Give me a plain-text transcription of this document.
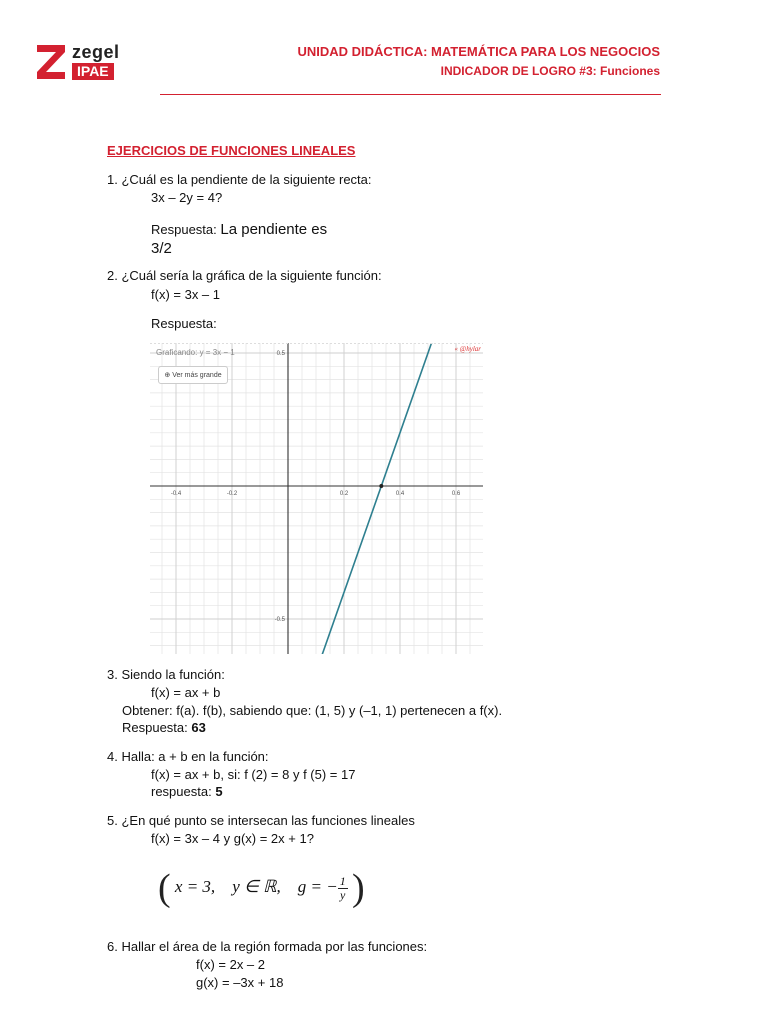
zegel
IPAE
UNIDAD DIDÁCTICA: MATEMÁTICA PARA LOS NEGOCIOS
INDICADOR DE LOGRO #3: Funciones
EJERCICIOS DE FUNCIONES LINEALES
1. ¿Cuál es la pendiente de la siguiente recta:
3x – 2y = 4?
Respuesta: La pendiente es
3/2
2. ¿Cuál sería la gráfica de la siguiente función:
f(x) = 3x – 1
Respuesta:
-0.4	-0.2	0.2	0.4	0.6
0.5
-0.5
Graficando: y = 3x − 1	« @hylar
⊕ Ver más grande
3. Siendo la función:
f(x) = ax + b
Obtener: f(a). f(b), sabiendo que: (1, 5) y (–1, 1) pertenecen a f(x).
Respuesta: 63
4. Halla: a + b en la función:
f(x) = ax + b, si: f (2) = 8 y f (5) = 17
respuesta: 5
5. ¿En qué punto se intersecan las funciones lineales
f(x) = 3x – 4 y g(x) = 2x + 1?
( x = 3, y ∈ ℝ, g = − $\frac{1}{y}$ )
6. Hallar el área de la región formada por las funciones:
f(x) = 2x – 2
g(x) = –3x + 18
